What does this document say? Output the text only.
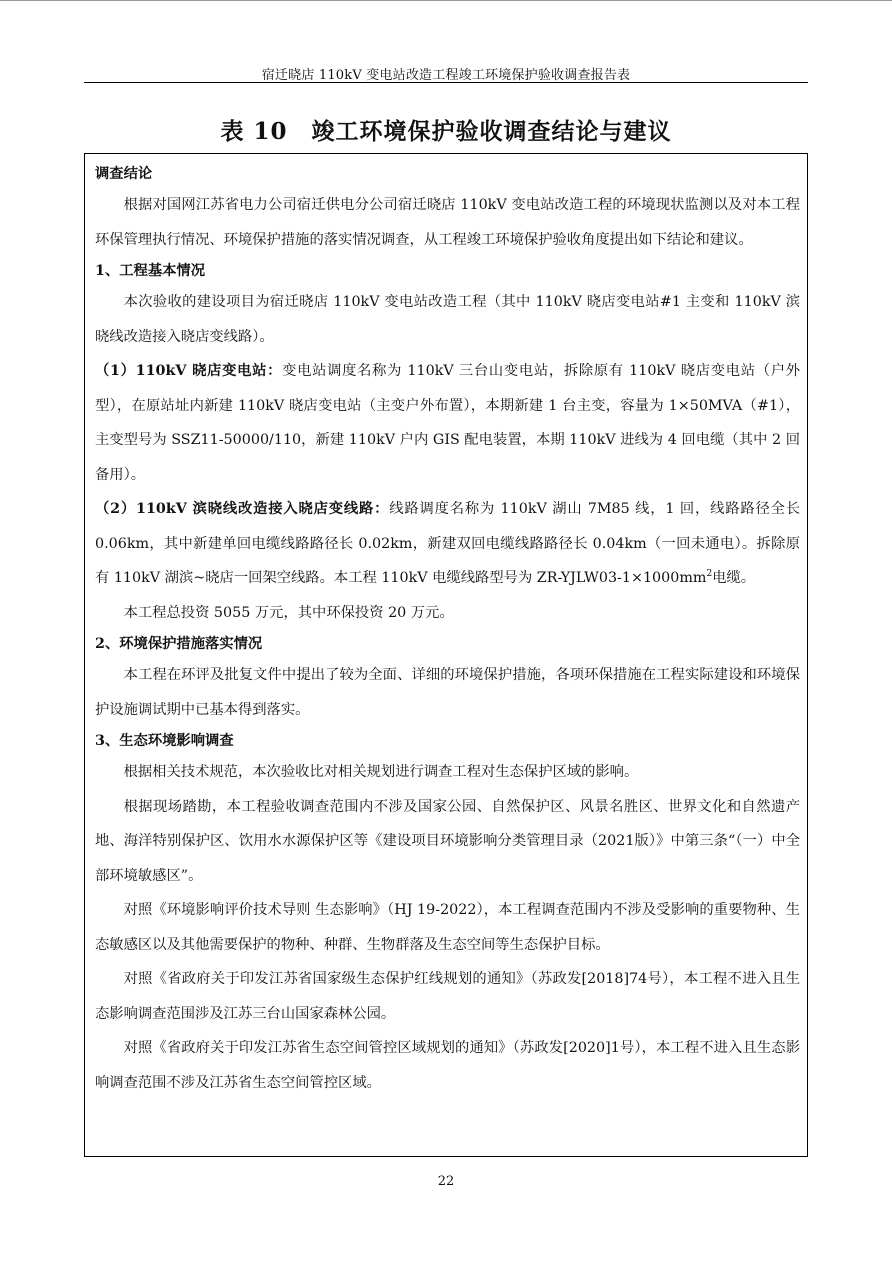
宿迁晓店 110kV 变电站改造工程竣工环境保护验收调查报告表
表 10　竣工环境保护验收调查结论与建议

调查结论

根据对国网江苏省电力公司宿迁供电分公司宿迁晓店 110kV 变电站改造工程的环境现状监测以及对本工程环保管理执行情况、环境保护措施的落实情况调查，从工程竣工环境保护验收角度提出如下结论和建议。

1、工程基本情况

本次验收的建设项目为宿迁晓店 110kV 变电站改造工程（其中 110kV 晓店变电站#1 主变和 110kV 滨晓线改造接入晓店变线路）。

（1）110kV 晓店变电站：变电站调度名称为 110kV 三台山变电站，拆除原有 110kV 晓店变电站（户外型），在原站址内新建 110kV 晓店变电站（主变户外布置），本期新建 1 台主变，容量为 1×50MVA（#1），主变型号为 SSZ11-50000/110，新建 110kV 户内 GIS 配电装置，本期 110kV 进线为 4 回电缆（其中 2 回备用）。

（2）110kV 滨晓线改造接入晓店变线路：线路调度名称为 110kV 湖山 7M85 线，1 回，线路路径全长 0.06km，其中新建单回电缆线路路径长 0.02km，新建双回电缆线路路径长 0.04km（一回未通电）。拆除原有 110kV 湖滨~晓店一回架空线路。本工程 110kV 电缆线路型号为 $ZR-YJLW03-1\times 1000mm^2$电缆。

本工程总投资 5055 万元，其中环保投资 20 万元。

2、环境保护措施落实情况

本工程在环评及批复文件中提出了较为全面、详细的环境保护措施，各项环保措施在工程实际建设和环境保护设施调试期中已基本得到落实。

3、生态环境影响调查

根据相关技术规范，本次验收比对相关规划进行调查工程对生态保护区域的影响。

根据现场踏勘，本工程验收调查范围内不涉及国家公园、自然保护区、风景名胜区、世界文化和自然遗产地、海洋特别保护区、饮用水水源保护区等《建设项目环境影响分类管理目录（2021版）》中第三条“（一）中全部环境敏感区”。

对照《环境影响评价技术导则 生态影响》（HJ 19-2022），本工程调查范围内不涉及受影响的重要物种、生态敏感区以及其他需要保护的物种、种群、生物群落及生态空间等生态保护目标。

对照《省政府关于印发江苏省国家级生态保护红线规划的通知》（苏政发[2018]74号），本工程不进入且生态影响调查范围涉及江苏三台山国家森林公园。

对照《省政府关于印发江苏省生态空间管控区域规划的通知》（苏政发[2020]1号），本工程不进入且生态影响调查范围不涉及江苏省生态空间管控区域。

22
